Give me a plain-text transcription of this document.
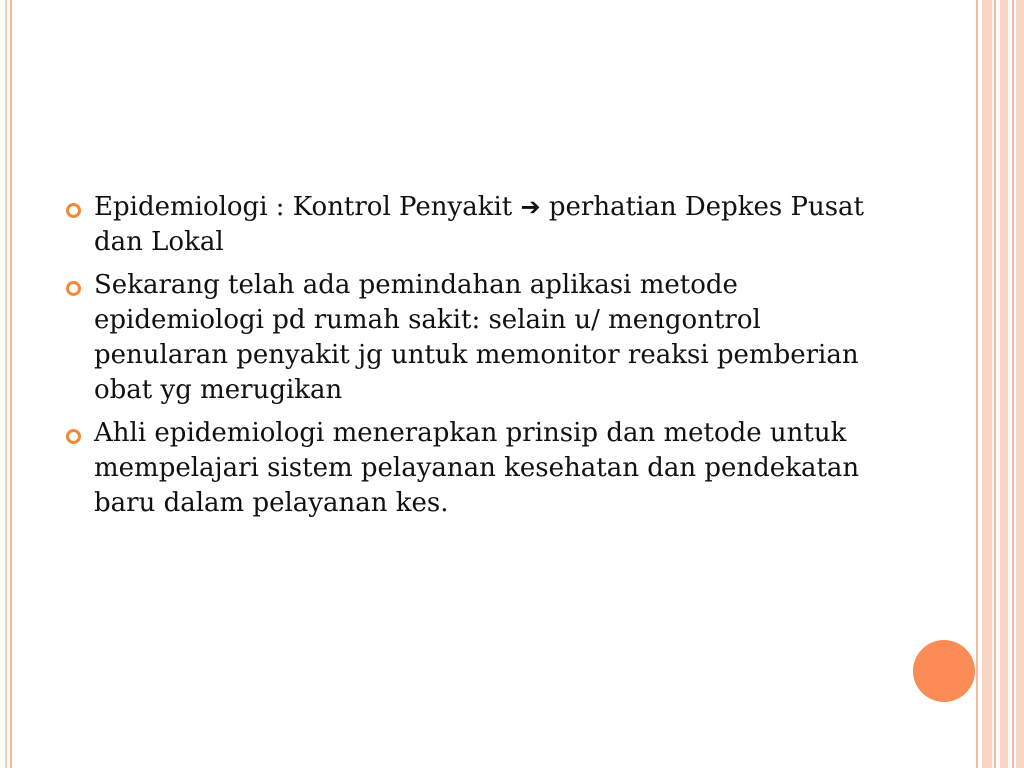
Epidemiologi : Kontrol Penyakit ➔ perhatian Depkes Pusat dan Lokal
Sekarang telah ada pemindahan aplikasi metode epidemiologi pd rumah sakit: selain u/ mengontrol penularan penyakit jg untuk memonitor reaksi pemberian obat yg merugikan
Ahli epidemiologi menerapkan prinsip dan metode untuk mempelajari sistem pelayanan kesehatan dan pendekatan baru dalam pelayanan kes.
